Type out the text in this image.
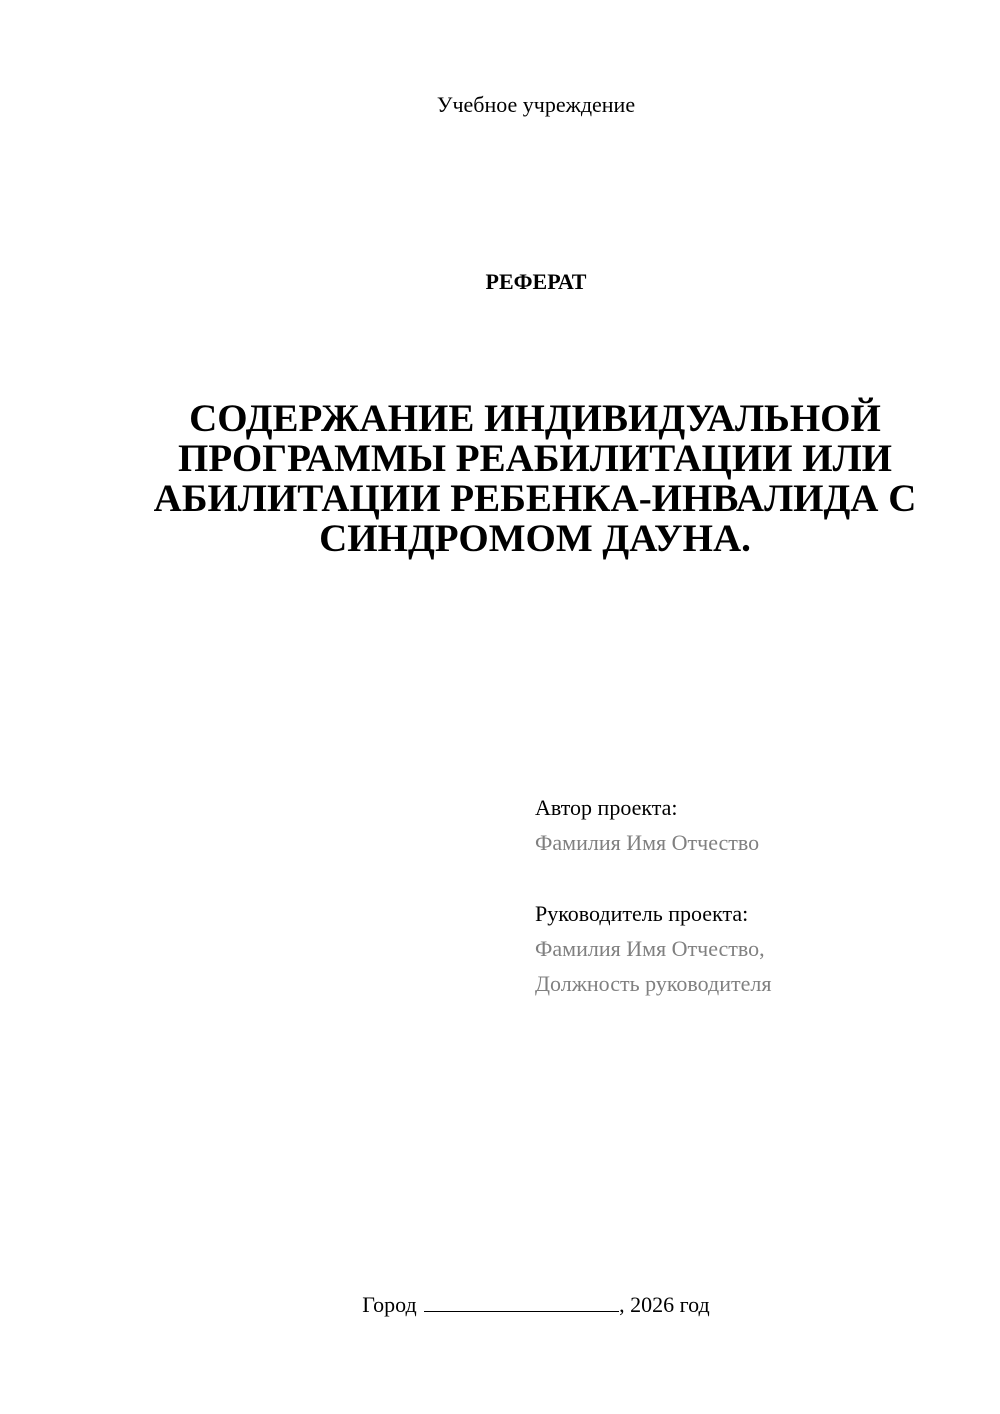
Учебное учреждение
РЕФЕРАТ
СОДЕРЖАНИЕ ИНДИВИДУАЛЬНОЙ
ПРОГРАММЫ РЕАБИЛИТАЦИИ ИЛИ
АБИЛИТАЦИИ РЕБЕНКА-ИНВАЛИДА С
СИНДРОМОМ ДАУНА.
Автор проекта:
Фамилия Имя Отчество
Руководитель проекта:
Фамилия Имя Отчество,
Должность руководителя
Город	, 2026 год
